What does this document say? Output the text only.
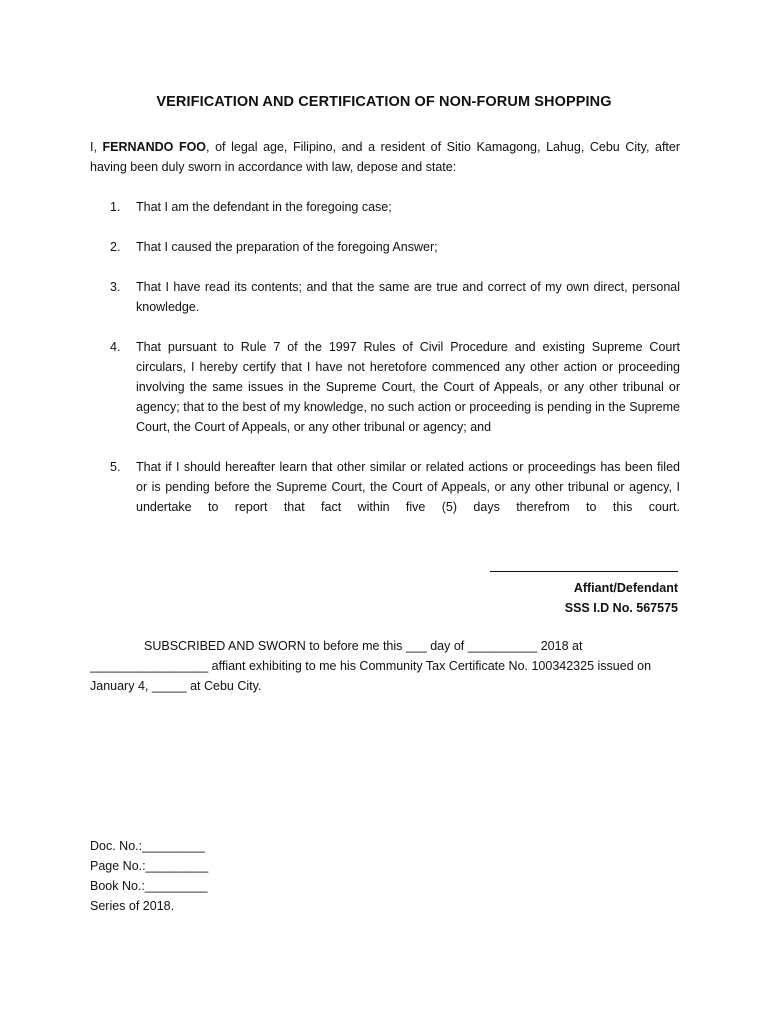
VERIFICATION AND CERTIFICATION OF NON-FORUM SHOPPING
I, FERNANDO FOO, of legal age, Filipino, and a resident of Sitio Kamagong, Lahug, Cebu City, after having been duly sworn in accordance with law, depose and state:
1. That I am the defendant in the foregoing case;
2. That I caused the preparation of the foregoing Answer;
3. That I have read its contents; and that the same are true and correct of my own direct, personal knowledge.
4. That pursuant to Rule 7 of the 1997 Rules of Civil Procedure and existing Supreme Court circulars, I hereby certify that I have not heretofore commenced any other action or proceeding involving the same issues in the Supreme Court, the Court of Appeals, or any other tribunal or agency; that to the best of my knowledge, no such action or proceeding is pending in the Supreme Court, the Court of Appeals, or any other tribunal or agency; and
5. That if I should hereafter learn that other similar or related actions or proceedings has been filed or is pending before the Supreme Court, the Court of Appeals, or any other tribunal or agency, I undertake to report that fact within five (5) days therefrom to this court.
Affiant/Defendant
SSS I.D No. 567575
SUBSCRIBED AND SWORN to before me this ___ day of __________ 2018 at
_________________ affiant exhibiting to me his Community Tax Certificate No. 100342325 issued on
January 4, _____ at Cebu City.
Doc. No.:_________
Page No.:_________
Book No.:_________
Series of 2018.
